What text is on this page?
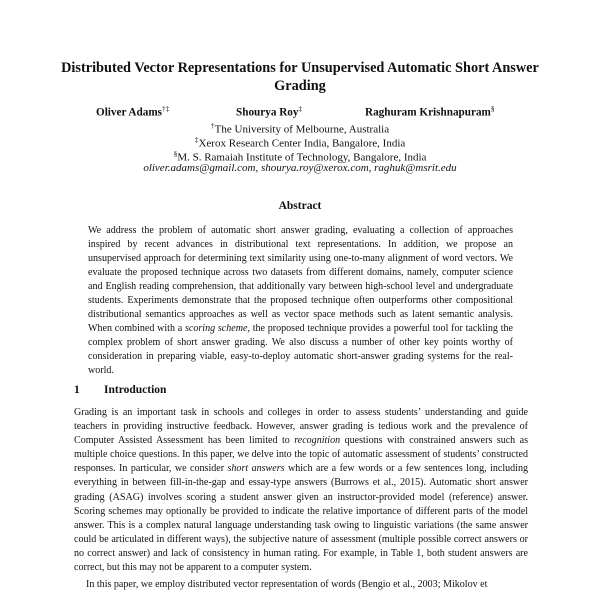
Distributed Vector Representations for Unsupervised Automatic Short Answer Grading
Oliver Adams†‡	Shourya Roy‡	Raghuram Krishnapuram§
†The University of Melbourne, Australia
‡Xerox Research Center India, Bangalore, India
§M. S. Ramaiah Institute of Technology, Bangalore, India
oliver.adams@gmail.com, shourya.roy@xerox.com, raghuk@msrit.edu
Abstract

We address the problem of automatic short answer grading, evaluating a collection of approaches inspired by recent advances in distributional text representations. In addition, we propose an unsupervised approach for determining text similarity using one-to-many alignment of word vectors. We evaluate the proposed technique across two datasets from different domains, namely, computer science and English reading comprehension, that additionally vary between high-school level and undergraduate students. Experiments demonstrate that the proposed technique often outperforms other compositional distributional semantics approaches as well as vector space methods such as latent semantic analysis. When combined with a scoring scheme, the proposed technique provides a powerful tool for tackling the complex problem of short answer grading. We also discuss a number of other key points worthy of consideration in preparing viable, easy-to-deploy automatic short-answer grading systems for the real-world.

1 Introduction

Grading is an important task in schools and colleges in order to assess students’ understanding and guide teachers in providing instructive feedback. However, answer grading is tedious work and the prevalence of Computer Assisted Assessment has been limited to recognition questions with constrained answers such as multiple choice questions. In this paper, we delve into the topic of automatic assessment of students’ constructed responses. In particular, we consider short answers which are a few words or a few sentences long, including everything in between fill-in-the-gap and essay-type answers (Burrows et al., 2015). Automatic short answer grading (ASAG) involves scoring a student answer given an instructor-provided model (reference) answer. Scoring schemes may optionally be provided to indicate the relative importance of different parts of the model answer. This is a complex natural language understanding task owing to linguistic variations (the same answer could be articulated in different ways), the subjective nature of assessment (multiple possible correct answers or no correct answer) and lack of consistency in human rating. For example, in Table 1, both student answers are correct, but this may not be apparent to a computer system.

In this paper, we employ distributed vector representation of words (Bengio et al., 2003; Mikolov et
